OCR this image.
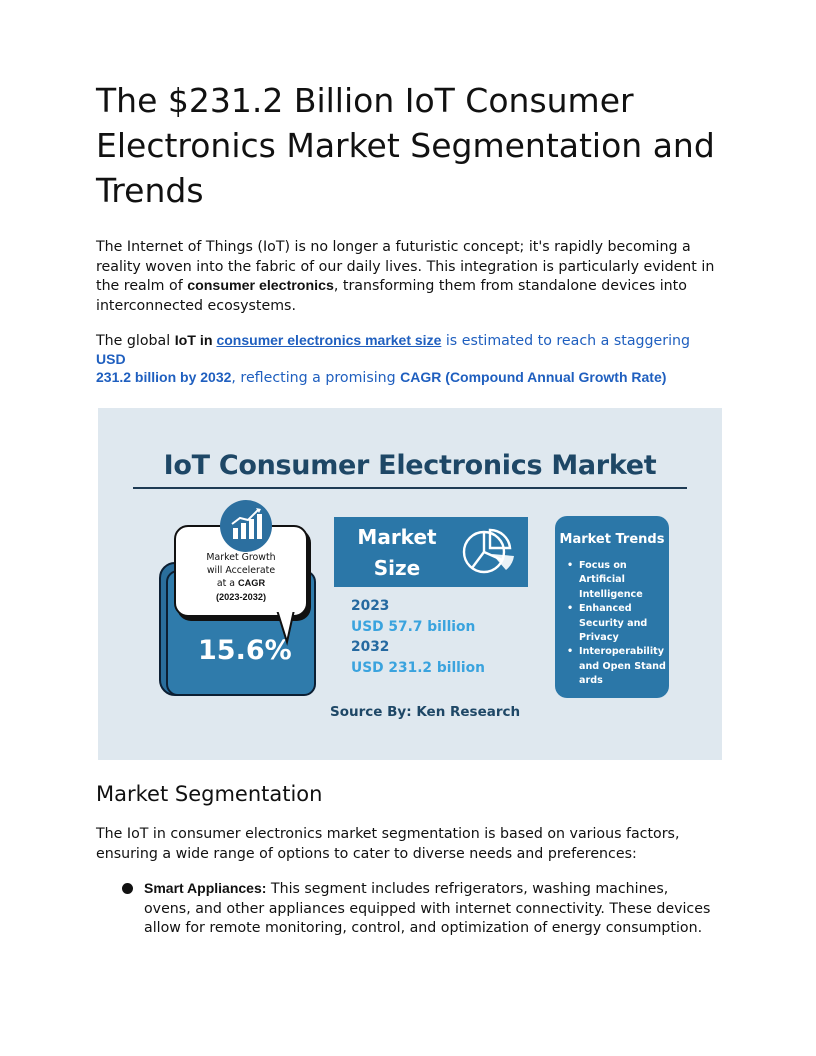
The $231.2 Billion IoT Consumer Electronics Market Segmentation and Trends

The Internet of Things (IoT) is no longer a futuristic concept; it's rapidly becoming a reality woven into the fabric of our daily lives. This integration is particularly evident in the realm of consumer electronics, transforming them from standalone devices into interconnected ecosystems.

The global IoT in consumer electronics market size is estimated to reach a staggering USD
231.2 billion by 2032, reflecting a promising CAGR (Compound Annual Growth Rate)

Market Segmentation

The IoT in consumer electronics market segmentation is based on various factors, ensuring a wide range of options to cater to diverse needs and preferences:

Smart Appliances: This segment includes refrigerators, washing machines, ovens, and other appliances equipped with internet connectivity. These devices allow for remote monitoring, control, and optimization of energy consumption.

IoT Consumer Electronics Market
15.6%
Market Growth
will Accelerate
at a CAGR
(2023-2032)
Market
Size
2023
USD 57.7 billion
2032
USD 231.2 billion
Market Trends
• Focus on Artificial Intelligence
• Enhanced Security and Privacy
• Interoperability and Open Standards
Source By: Ken Research
